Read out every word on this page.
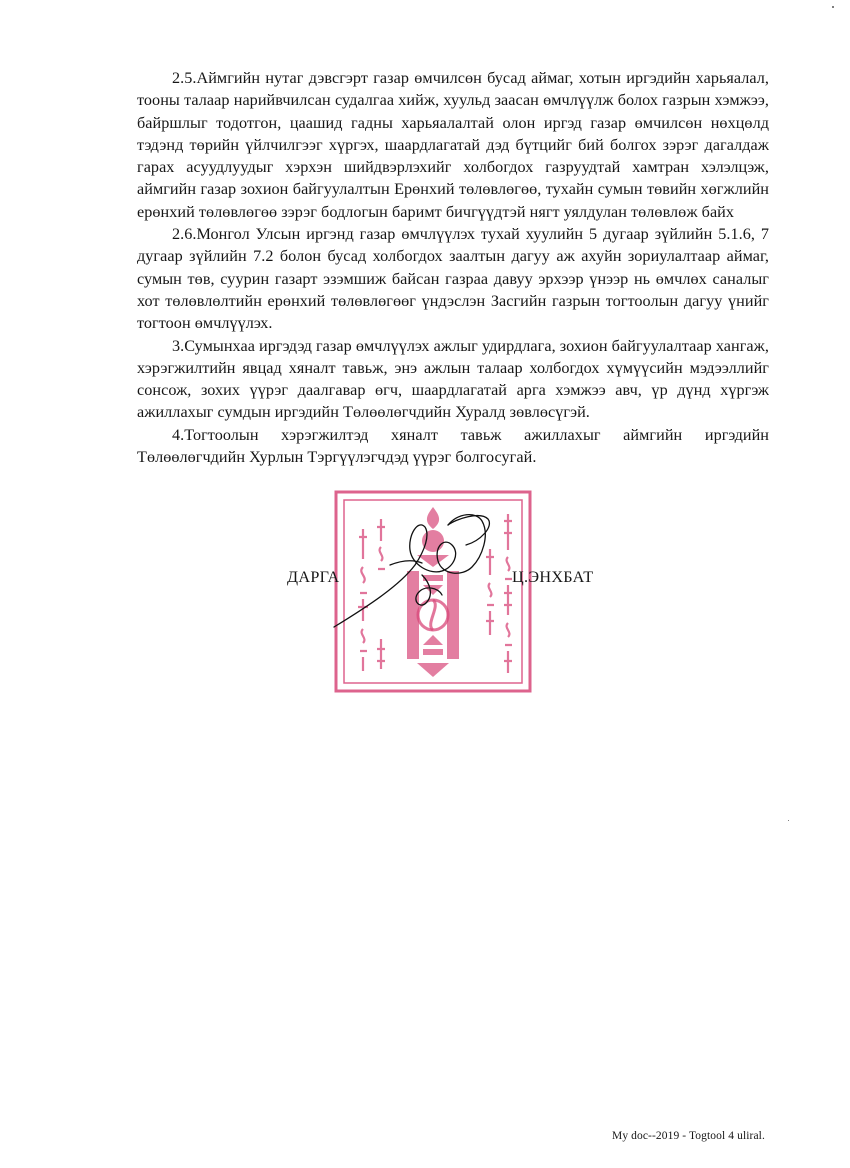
2.5.Аймгийн нутаг дэвсгэрт газар өмчилсөн бусад аймаг, хотын иргэдийн харьяалал, тооны талаар нарийвчилсан судалгаа хийж, хуульд заасан өмчлүүлж болох газрын хэмжээ, байршлыг тодотгон, цаашид гадны харьяалалтай олон иргэд газар өмчилсөн нөхцөлд тэдэнд төрийн үйлчилгээг хүргэх, шаардлагатай дэд бүтцийг бий болгох зэрэг дагалдаж гарах асуудлуудыг хэрхэн шийдвэрлэхийг холбогдох газруудтай хамтран хэлэлцэж, аймгийн газар зохион байгуулалтын Ерөнхий төлөвлөгөө, тухайн сумын төвийн хөгжлийн ерөнхий төлөвлөгөө зэрэг бодлогын баримт бичгүүдтэй нягт уялдулан төлөвлөж байх

2.6.Монгол Улсын иргэнд газар өмчлүүлэх тухай хуулийн 5 дугаар зүйлийн 5.1.6, 7 дугаар зүйлийн 7.2 болон бусад холбогдох заалтын дагуу аж ахуйн зориулалтаар аймаг, сумын төв, суурин газарт эзэмшиж байсан газраа давуу эрхээр үнээр нь өмчлөх саналыг хот төлөвлөлтийн ерөнхий төлөвлөгөөг үндэслэн Засгийн газрын тогтоолын дагуу үнийг тогтоон өмчлүүлэх.

3.Сумынхаа иргэдэд газар өмчлүүлэх ажлыг удирдлага, зохион байгуулалтаар хангаж, хэрэгжилтийн явцад хяналт тавьж, энэ ажлын талаар холбогдох хүмүүсийн мэдээллийг сонсож, зохих үүрэг даалгавар өгч, шаардлагатай арга хэмжээ авч, үр дүнд хүргэж ажиллахыг сумдын иргэдийн Төлөөлөгчдийн Хуралд зөвлөсүгэй.

4.Тогтоолын хэрэгжилтэд хяналт тавьж ажиллахыг аймгийн иргэдийн Төлөөлөгчдийн Хурлын Тэргүүлэгчдэд үүрэг болгосугай.

ДАРГА	Ц.ЭНХБАТ
My doc--2019 - Togtool 4 uliral.
